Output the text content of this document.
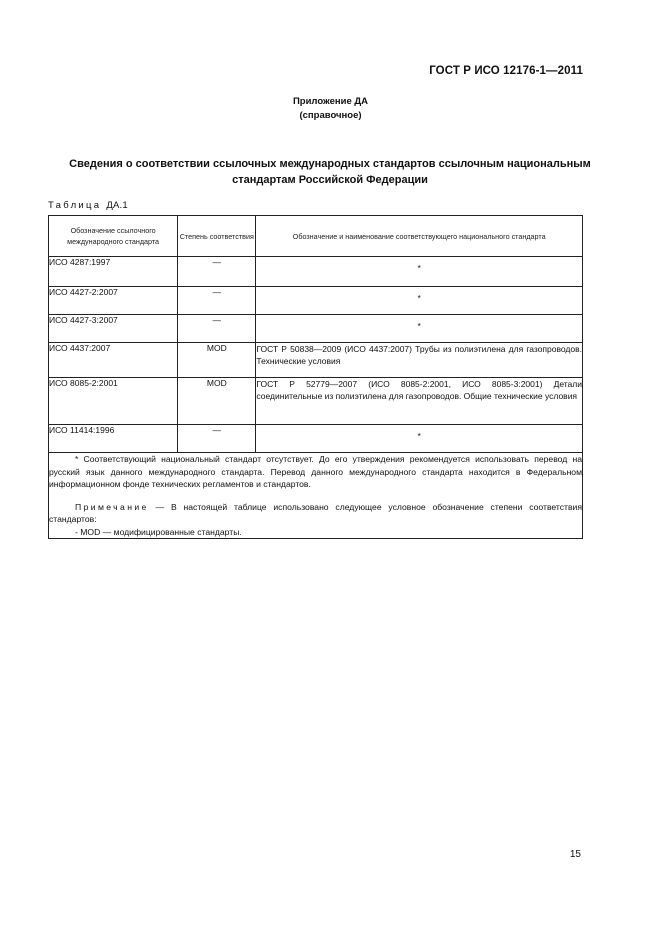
ГОСТ Р ИСО 12176-1—2011
Приложение ДА
(справочное)
Сведения о соответствии ссылочных международных стандартов ссылочным национальным
стандартам Российской Федерации
Таблица ДА.1
Обозначение ссылочного международного стандарта	Степень соответствия	Обозначение и наименование соответствующего национального стандарта
ИСО 4287:1997	—	*
ИСО 4427-2:2007	—	*
ИСО 4427-3:2007	—	*
ИСО 4437:2007	MOD	ГОСТ Р 50838—2009 (ИСО 4437:2007) Трубы из полиэтилена для газопроводов. Технические условия
ИСО 8085-2:2001	MOD	ГОСТ Р 52779—2007 (ИСО 8085-2:2001, ИСО 8085-3:2001) Детали соединительные из полиэтилена для газопроводов. Общие технические условия
ИСО 11414:1996	—	*

* Соответствующий национальный стандарт отсутствует. До его утверждения рекомендуется использовать перевод на русский язык данного международного стандарта. Перевод данного международного стандарта находится в Федеральном информационном фонде технических регламентов и стандартов.

Примечание — В настоящей таблице использовано следующее условное обозначение степени соответствия стандартов:

- MOD — модифицированные стандарты.		

15
